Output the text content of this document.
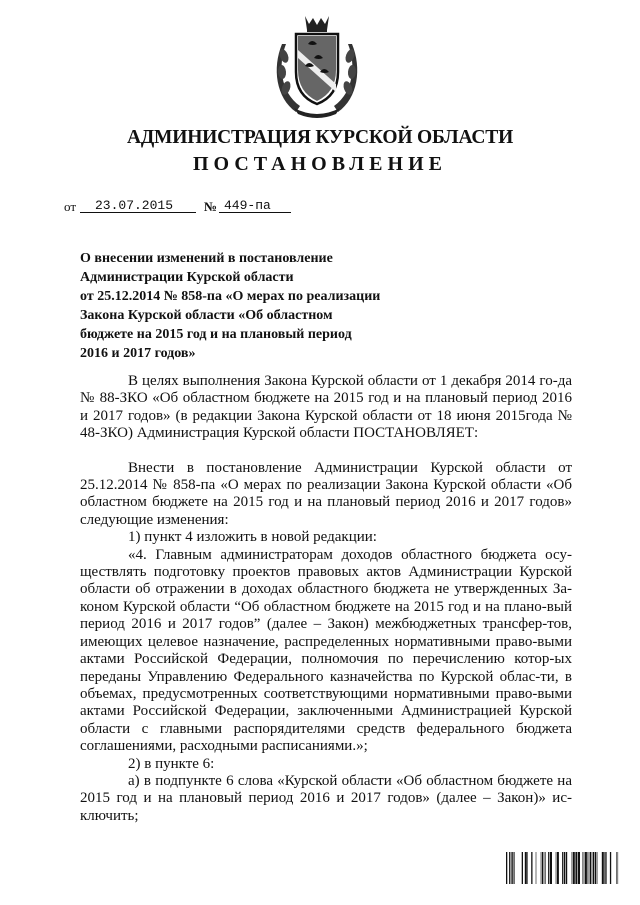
АДМИНИСТРАЦИЯ КУРСКОЙ ОБЛАСТИ
ПОСТАНОВЛЕНИЕ
от 23.07.2015 № 449-па
О внесении изменений в постановление
Администрации Курской области
от 25.12.2014 № 858-па «О мерах по реализации
Закона Курской области «Об областном
бюджете на 2015 год и на плановый период
2016 и 2017 годов»

В целях выполнения Закона Курской области от 1 декабря 2014 го-да № 88-ЗКО «Об областном бюджете на 2015 год и на плановый период 2016 и 2017 годов» (в редакции Закона Курской области от 18 июня 2015года № 48-ЗКО) Администрация Курской области ПОСТАНОВЛЯЕТ:

Внести в постановление Администрации Курской области от 25.12.2014 № 858-па «О мерах по реализации Закона Курской области «Об областном бюджете на 2015 год и на плановый период 2016 и 2017 годов» следующие изменения:

1) пункт 4 изложить в новой редакции:

«4. Главным администраторам доходов областного бюджета осу-ществлять подготовку проектов правовых актов Администрации Курской области об отражении в доходах областного бюджета не утвержденных За-коном Курской области “Об областном бюджете на 2015 год и на плано-вый период 2016 и 2017 годов” (далее – Закон) межбюджетных трансфер-тов, имеющих целевое назначение, распределенных нормативными право-выми актами Российской Федерации, полномочия по перечислению котор-ых переданы Управлению Федерального казначейства по Курской облас-ти, в объемах, предусмотренных соответствующими нормативными право-выми актами Российской Федерации, заключенными Администрацией Курской области с главными распорядителями средств федерального бюджета соглашениями, расходными расписаниями.»;

2) в пункте 6:

а) в подпункте 6 слова «Курской области «Об областном бюджете на 2015 год и на плановый период 2016 и 2017 годов» (далее – Закон)» ис-ключить;
